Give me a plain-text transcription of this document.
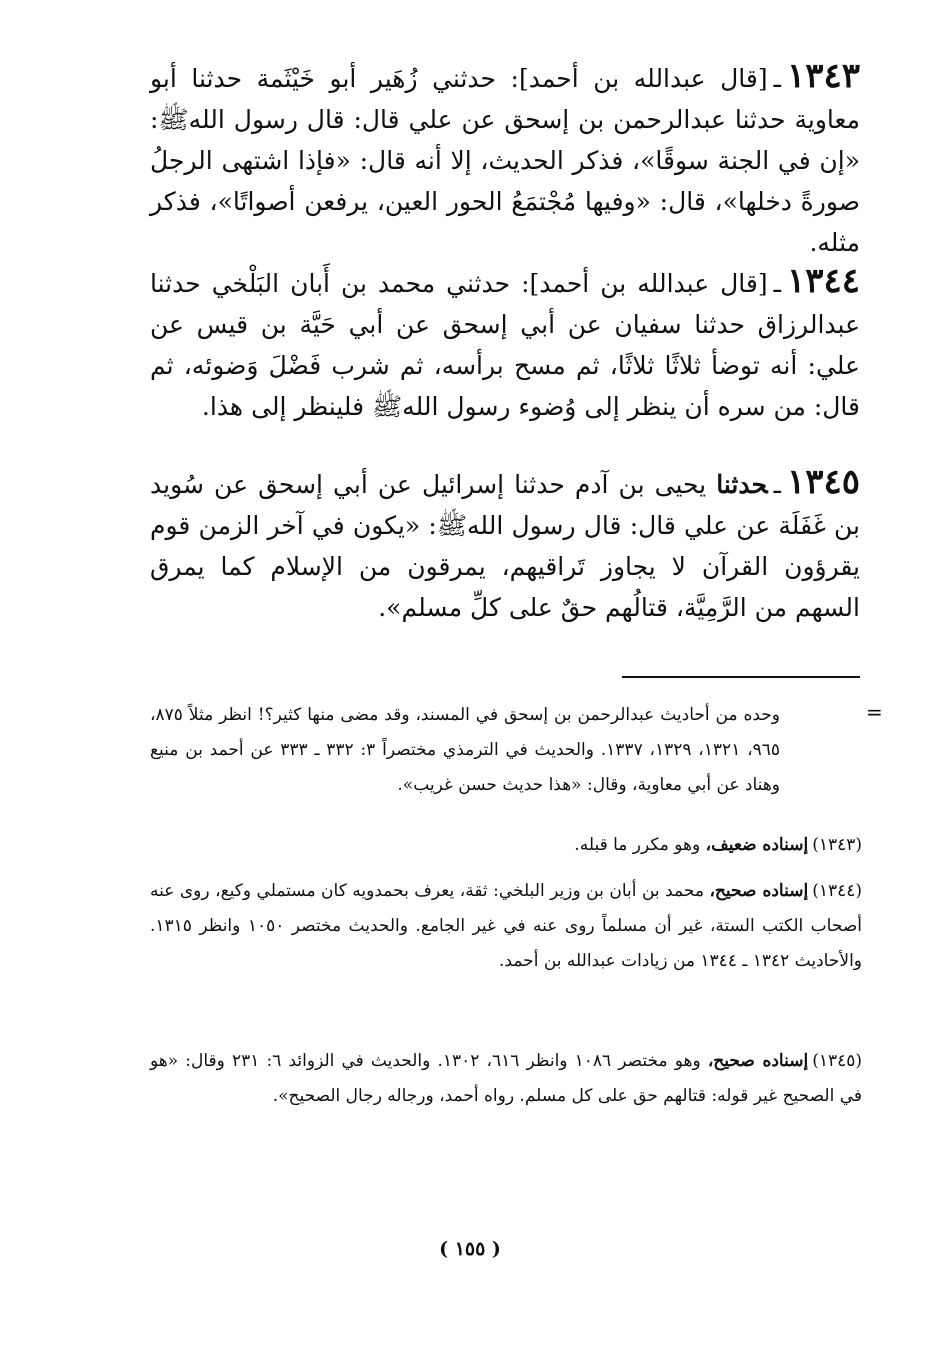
١٣٤٣ـ[قال عبدالله بن أحمد]: حدثني زُهَير أبو خَيْثَمة حدثنا أبو معاوية حدثنا عبدالرحمن بن إسحق عن علي قال: قال رسول اللهﷺ: «إن في الجنة سوقًا»، فذكر الحديث، إلا أنه قال: «فإذا اشتهى الرجلُ صورةً دخلها»، قال: «وفيها مُجْتمَعُ الحور العين، يرفعن أصواتًا»، فذكر مثله.

١٣٤٤ـ[قال عبدالله بن أحمد]: حدثني محمد بن أَبان البَلْخي حدثنا عبدالرزاق حدثنا سفيان عن أبي إسحق عن أبي حَيَّة بن قيس عن علي: أنه توضأ ثلاثًا ثلاثًا، ثم مسح برأسه، ثم شرب فَضْلَ وَضوئه، ثم قال: من سره أن ينظر إلى وُضوء رسول اللهﷺ فلينظر إلى هذا.

١٣٤٥ـحدثنا يحيى بن آدم حدثنا إسرائيل عن أبي إسحق عن سُويد بن غَفَلَة عن علي قال: قال رسول اللهﷺ: «يكون في آخر الزمن قوم يقرؤون القرآن لا يجاوز تَراقيهم، يمرقون من الإسلام كما يمرق السهم من الرَّمِيَّة، قتالُهم حقٌ على كلِّ مسلم».

=

وحده من أحاديث عبدالرحمن بن إسحق في المسند، وقد مضى منها كثير؟! انظر مثلاً ٨٧٥، ٩٦٥، ١٣٢١، ١٣٢٩، ١٣٣٧. والحديث في الترمذي مختصراً ٣: ٣٣٢ ـ ٣٣٣ عن أحمد بن منيع وهناد عن أبي معاوية، وقال: «هذا حديث حسن غريب».

(١٣٤٣)إسناده ضعيف، وهو مكرر ما قبله.

(١٣٤٤)إسناده صحيح، محمد بن أبان بن وزير البلخي: ثقة، يعرف بحمدويه كان مستملي وكيع، روى عنه أصحاب الكتب الستة، غير أن مسلماً روى عنه في غير الجامع. والحديث مختصر ١٠٥٠ وانظر ١٣١٥. والأحاديث ١٣٤٢ ـ ١٣٤٤ من زيادات عبدالله بن أحمد.

(١٣٤٥)إسناده صحيح، وهو مختصر ١٠٨٦ وانظر ٦١٦، ١٣٠٢. والحديث في الزوائد ٦: ٢٣١ وقال: «هو في الصحيح غير قوله: قتالهم حق على كل مسلم. رواه أحمد، ورجاله رجال الصحيح».

( ١٥٥ )
